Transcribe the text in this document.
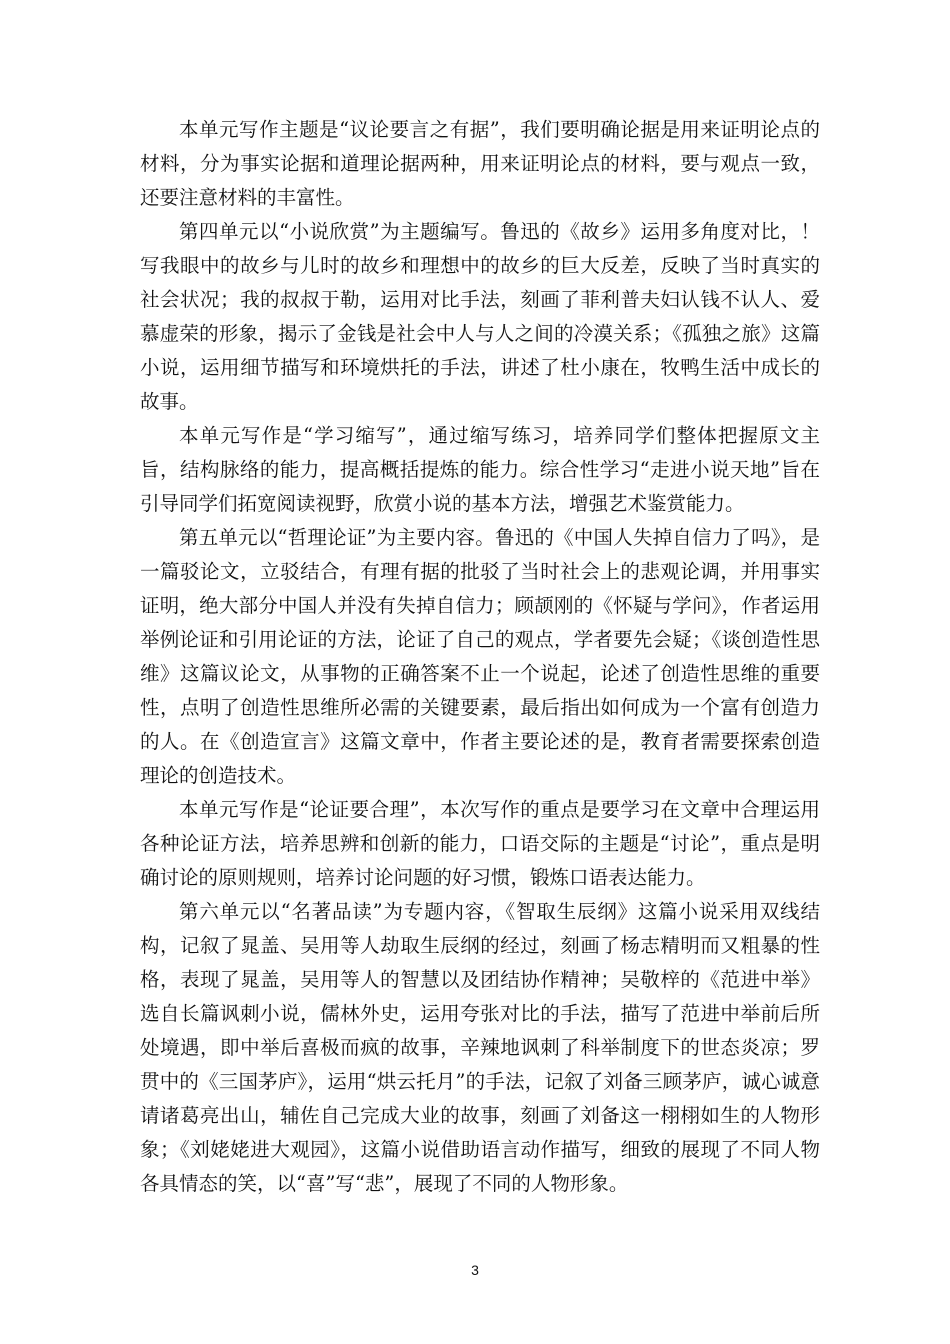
本单元写作主题是“议论要言之有据”，我们要明确论据是用来证明论点的材料，分为事实论据和道理论据两种，用来证明论点的材料，要与观点一致，还要注意材料的丰富性。

第四单元以“小说欣赏”为主题编写。鲁迅的《故乡》运用多角度对比，！写我眼中的故乡与儿时的故乡和理想中的故乡的巨大反差，反映了当时真实的社会状况；我的叔叔于勒，运用对比手法，刻画了菲利普夫妇认钱不认人、爱慕虚荣的形象，揭示了金钱是社会中人与人之间的冷漠关系；《孤独之旅》这篇小说，运用细节描写和环境烘托的手法，讲述了杜小康在，牧鸭生活中成长的故事。

本单元写作是“学习缩写”，通过缩写练习，培养同学们整体把握原文主旨，结构脉络的能力，提高概括提炼的能力。综合性学习“走进小说天地”旨在引导同学们拓宽阅读视野，欣赏小说的基本方法，增强艺术鉴赏能力。

第五单元以“哲理论证”为主要内容。鲁迅的《中国人失掉自信力了吗》，是一篇驳论文，立驳结合，有理有据的批驳了当时社会上的悲观论调，并用事实证明，绝大部分中国人并没有失掉自信力；顾颉刚的《怀疑与学问》，作者运用举例论证和引用论证的方法，论证了自己的观点，学者要先会疑；《谈创造性思维》这篇议论文，从事物的正确答案不止一个说起，论述了创造性思维的重要性，点明了创造性思维所必需的关键要素，最后指出如何成为一个富有创造力的人。在《创造宣言》这篇文章中，作者主要论述的是，教育者需要探索创造理论的创造技术。

本单元写作是“论证要合理”，本次写作的重点是要学习在文章中合理运用各种论证方法，培养思辨和创新的能力，口语交际的主题是“讨论”，重点是明确讨论的原则规则，培养讨论问题的好习惯，锻炼口语表达能力。

第六单元以“名著品读”为专题内容，《智取生辰纲》这篇小说采用双线结构，记叙了晁盖、吴用等人劫取生辰纲的经过，刻画了杨志精明而又粗暴的性格，表现了晁盖，吴用等人的智慧以及团结协作精神；吴敬梓的《范进中举》选自长篇讽刺小说，儒林外史，运用夸张对比的手法，描写了范进中举前后所处境遇，即中举后喜极而疯的故事，辛辣地讽刺了科举制度下的世态炎凉；罗贯中的《三国茅庐》，运用“烘云托月”的手法，记叙了刘备三顾茅庐，诚心诚意请诸葛亮出山，辅佐自己完成大业的故事，刻画了刘备这一栩栩如生的人物形象；《刘姥姥进大观园》，这篇小说借助语言动作描写，细致的展现了不同人物各具情态的笑，以“喜”写“悲”，展现了不同的人物形象。

3
